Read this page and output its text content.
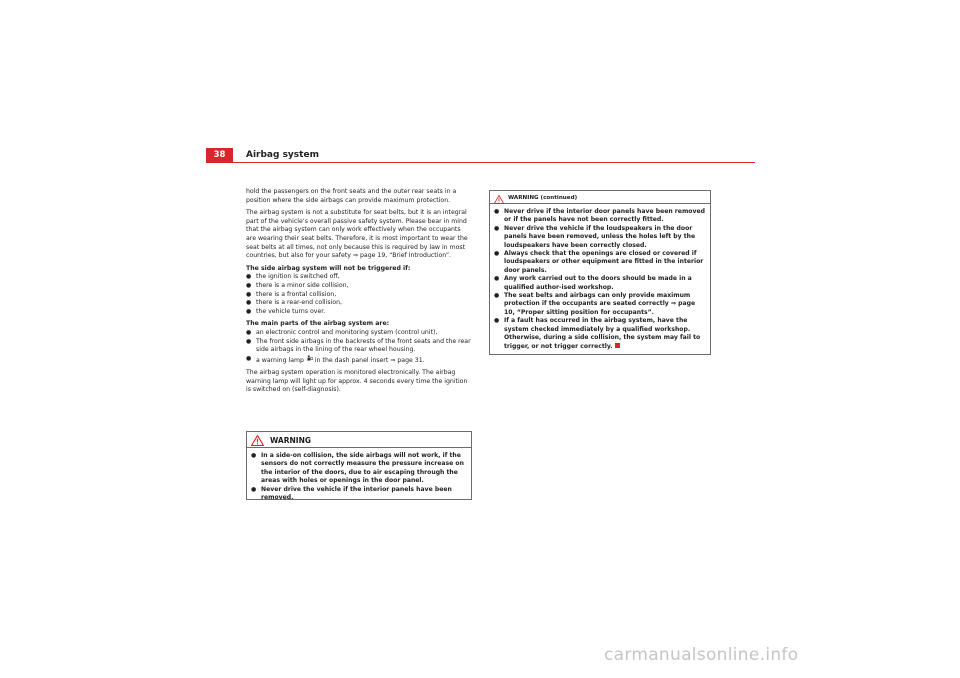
38	Airbag system

hold the passengers on the front seats and the outer rear seats in a position where the side airbags can provide maximum protection.

The airbag system is not a substitute for seat belts, but it is an integral part of the vehicle’s overall passive safety system. Please bear in mind that the airbag system can only work effectively when the occupants are wearing their seat belts. Therefore, it is most important to wear the seat belts at all times, not only because this is required by law in most countries, but also for your safety ⇒ page 19, “Brief Introduction”.

The side airbag system will not be triggered if:

● the ignition is switched off,
● there is a minor side collision,
● there is a frontal collision,
● there is a rear-end collision,
● the vehicle turns over.

The main parts of the airbag system are:

● an electronic control and monitoring system (control unit),
● The front side airbags in the backrests of the front seats and the rear side airbags in the lining of the rear wheel housing.
● a warning lamp in the dash panel insert ⇒ page 31.

The airbag system operation is monitored electronically. The airbag warning lamp will light up for approx. 4 seconds every time the ignition is switched on (self-diagnosis).

WARNING
● In a side-on collision, the side airbags will not work, if the sensors do not correctly measure the pressure increase on the interior of the doors, due to air escaping through the areas with holes or openings in the door panel.
● Never drive the vehicle if the interior panels have been removed.
WARNING (continued)
● Never drive if the interior door panels have been removed or if the panels have not been correctly fitted.
● Never drive the vehicle if the loudspeakers in the door panels have been removed, unless the holes left by the loudspeakers have been correctly closed.
● Always check that the openings are closed or covered if loudspeakers or other equipment are fitted in the interior door panels.
● Any work carried out to the doors should be made in a qualified author-ised workshop.
● The seat belts and airbags can only provide maximum protection if the occupants are seated correctly ⇒ page 10, “Proper sitting position for occupants”.
● If a fault has occurred in the airbag system, have the system checked immediately by a qualified workshop. Otherwise, during a side collision, the system may fail to trigger, or not trigger correctly.
carmanualsonline.info
